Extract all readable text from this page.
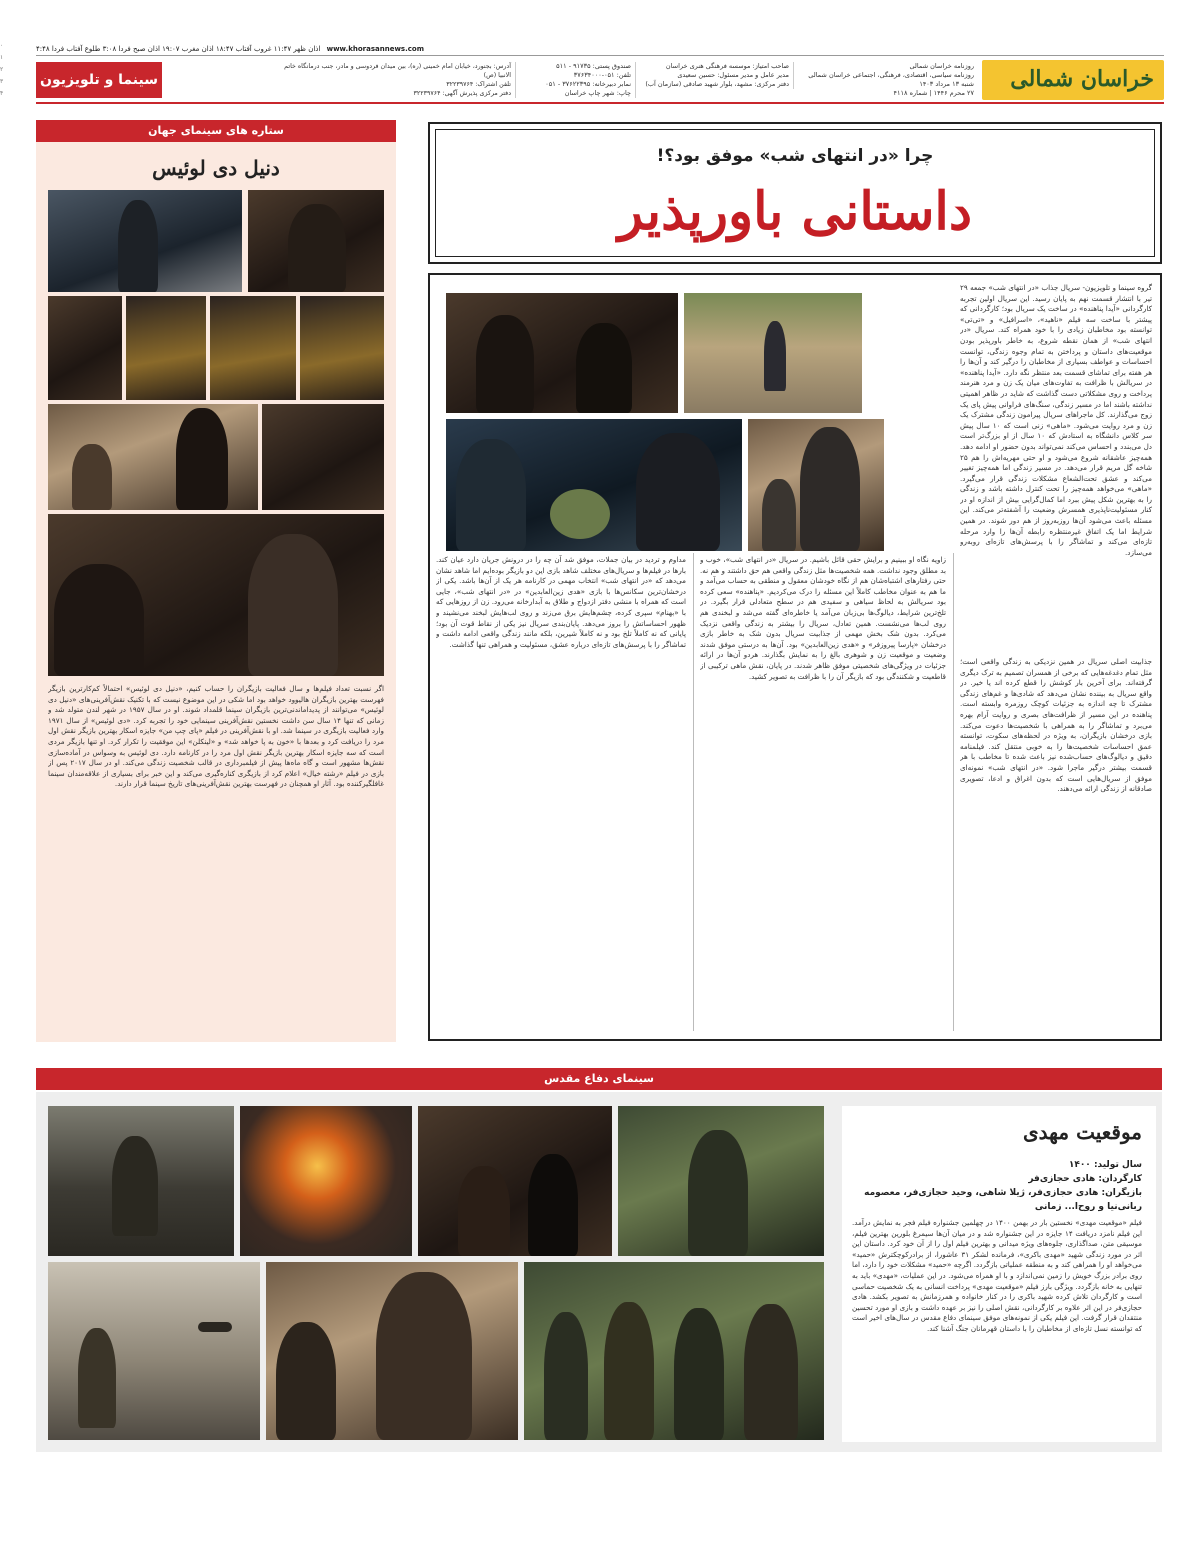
۰
۱
۲
۳
۴
www.khorasannews.com
اذان ظهر ۱۱:۴۷ غروب آفتاب ۱۸:۴۷ اذان مغرب ۱۹:۰۷ اذان صبح فردا ۳:۰۸ طلوع آفتاب فردا ۴:۴۸
خراسان شمالی
روزنامه خراسان شمالی
روزنامه سیاسی، اقتصادی، فرهنگی، اجتماعی خراسان شمالی
شنبه ۱۳ مرداد ۱۴۰۳
۲۷ محرم ۱۴۴۶ | شماره ۴۱۱۸
صاحب امتیاز: موسسه فرهنگی هنری خراسان
مدیر عامل و مدیر مسئول: حسین سعیدی
دفتر مرکزی: مشهد، بلوار شهید صادقی (سازمان آب)
صندوق پستی: ۹۱۷۳۵ - ۵۱۱
تلفن: ۰۵۱-۳۷۶۳۴۰۰۰
نمابر دبیرخانه: ۳۷۶۲۲۳۹۵ - ۰۵۱
چاپ: شهر چاپ خراسان
آدرس: بجنورد، خیابان امام خمینی (ره)، بین میدان فردوسی و مادر، جنب درمانگاه خاتم الانبیا (ص)
تلفن اشتراک: ۳۲۲۳۹۷۶۴
دفتر مرکزی پذیرش آگهی: ۳۲۲۳۹۷۶۴
سینما و تلویزیون
چرا «در انتهای شب» موفق بود؟!
داستانی باورپذیر
گروه سینما و تلویزیون- سریال جذاب «در انتهای شب» جمعه ۲۹ تیر با انتشار قسمت نهم به پایان رسید. این سریال اولین تجربه کارگردانی «آیدا پناهنده» در ساخت یک سریال بود؛ کارگردانی که پیشتر با ساخت سه فیلم «ناهید»، «اسرافیل» و «تی‌تی» توانسته بود مخاطبان زیادی را با خود همراه کند. سریال «در انتهای شب» از همان نقطه شروع، به خاطر باورپذیر بودن موقعیت‌های داستان و پرداختن به تمام وجوه زندگی، توانست احساسات و عواطف بسیاری از مخاطبان را درگیر کند و آن‌ها را هر هفته برای تماشای قسمت بعد منتظر نگه دارد. «آیدا پناهنده» در سریالش با ظرافت به تفاوت‌های میان یک زن و مرد هنرمند پرداخت و روی مشکلاتی دست گذاشت که شاید در ظاهر اهمیتی نداشته باشند اما در مسیر زندگی، سنگ‌های فراوانی پیش پای یک زوج می‌گذارند. کل ماجراهای سریال پیرامون زندگی مشترک یک زن و مرد روایت می‌شود. «ماهی» زنی است که ۱۰ سال پیش سر کلاس دانشگاه به استادش که ۱۰ سال از او بزرگ‌تر است دل می‌بندد و احساس می‌کند نمی‌تواند بدون حضور او ادامه دهد. همه‌چیز عاشقانه شروع می‌شود و او حتی مهریه‌اش را هم ۲۵ شاخه گل مریم قرار می‌دهد. در مسیر زندگی اما همه‌چیز تغییر می‌کند و عشق تحت‌الشعاع مشکلات زندگی قرار می‌گیرد. «ماهی» می‌خواهد همه‌چیز را تحت کنترل داشته باشد و زندگی را به بهترین شکل پیش ببرد اما کمال‌گرایی بیش از اندازه او در کنار مسئولیت‌ناپذیری همسرش وضعیت را آشفته‌تر می‌کند. این مسئله باعث می‌شود آن‌ها روزبه‌روز از هم دور شوند. در همین شرایط اما یک اتفاق غیرمنتظره رابطه آن‌ها را وارد مرحله تازه‌ای می‌کند و تماشاگر را با پرسش‌های تازه‌ای روبه‌رو می‌سازد.
جذابیت اصلی سریال در همین نزدیکی به زندگی واقعی است؛ مثل تمام دغدغه‌هایی که برخی از همسران تصمیم به ترک دیگری گرفته‌اند. برای آخرین بار کوشش را قطع کرده اند یا خیر. در واقع سریال به بیننده نشان می‌دهد که شادی‌ها و غم‌های زندگی مشترک تا چه اندازه به جزئیات کوچک روزمره وابسته است. پناهنده در این مسیر از ظرافت‌های بصری و روایت آرام بهره می‌برد و تماشاگر را به همراهی با شخصیت‌ها دعوت می‌کند. بازی درخشان بازیگران، به ویژه در لحظه‌های سکوت، توانسته عمق احساسات شخصیت‌ها را به خوبی منتقل کند. فیلمنامه دقیق و دیالوگ‌های حساب‌شده نیز باعث شده تا مخاطب با هر قسمت بیشتر درگیر ماجرا شود. «در انتهای شب» نمونه‌ای موفق از سریال‌هایی است که بدون اغراق و ادعا، تصویری صادقانه از زندگی ارائه می‌دهند.
زاویه نگاه او ببینیم و برایش حقی قائل باشیم. در سریال «در انتهای شب»، خوب و بد مطلق وجود نداشت. همه شخصیت‌ها مثل زندگی واقعی هم حق داشتند و هم نه. حتی رفتارهای اشتباه‌شان هم از نگاه خودشان معقول و منطقی به حساب می‌آمد و ما هم به عنوان مخاطب کاملاً این مسئله را درک می‌کردیم. «پناهنده» سعی کرده بود سریالش به لحاظ سیاهی و سفیدی هم در سطح متعادلی قرار بگیرد. در تلخ‌ترین شرایط، دیالوگ‌ها بی‌زبان می‌آمد یا خاطره‌ای گفته می‌شد و لبخندی هم روی لب‌ها می‌نشست. همین تعادل، سریال را بیشتر به زندگی واقعی نزدیک می‌کرد. بدون شک بخش مهمی از جذابیت سریال بدون شک به خاطر بازی درخشان «پارسا پیروزفر» و «هدی زین‌العابدین» بود. آن‌ها به درستی موفق شدند وضعیت و موقعیت زن و شوهری بالغ را به نمایش بگذارند. هردو آن‌ها در ارائه جزئیات در ویژگی‌های شخصیتی موفق ظاهر شدند. در پایان، نقش ماهی ترکیبی از قاطعیت و شکنندگی بود که بازیگر آن را با ظرافت به تصویر کشید.
مداوم و تردید در بیان جملات، موفق شد آن چه را در درونش جریان دارد عیان کند. بارها در فیلم‌ها و سریال‌های مختلف شاهد بازی این دو بازیگر بوده‌ایم اما شاهد نشان می‌دهد که «در انتهای شب» انتخاب مهمی در کارنامه هر یک از آن‌ها باشد. یکی از درخشان‌ترین سکانس‌ها با بازی «هدی زین‌العابدین» در «در انتهای شب»، جایی است که همراه با منشی دفتر ازدواج و طلاق به آبدارخانه می‌رود. زن از روزهایی که با «بهنام» سپری کرده، چشم‌هایش برق می‌زند و روی لب‌هایش لبخند می‌نشیند و ظهور احساساتش را بروز می‌دهد. پایان‌بندی سریال نیز یکی از نقاط قوت آن بود؛ پایانی که نه کاملاً تلخ بود و نه کاملاً شیرین، بلکه مانند زندگی واقعی ادامه داشت و تماشاگر را با پرسش‌های تازه‌ای درباره عشق، مسئولیت و همراهی تنها گذاشت.
ستاره های سینمای جهان
دنیل دی لوئیس
اگر نسبت تعداد فیلم‌ها و سال فعالیت بازیگران را حساب کنیم، «دنیل دی لوئیس» احتمالاً کم‌کارترین بازیگر فهرست بهترین بازیگران هالیوود خواهد بود اما شکی در این موضوع نیست که با تکنیک نقش‌آفرینی‌های «دنیل دی لوئیس» می‌توانند از پدیداماندنی‌ترین بازیگران سینما قلمداد شوند. او در سال ۱۹۵۷ در شهر لندن متولد شد و زمانی که تنها ۱۴ سال سن داشت نخستین نقش‌آفرینی سینمایی خود را تجربه کرد. «دی لوئیس» از سال ۱۹۷۱ وارد فعالیت بازیگری در سینما شد. او با نقش‌آفرینی در فیلم «پای چپ من» جایزه اسکار بهترین بازیگر نقش اول مرد را دریافت کرد و بعدها با «خون به پا خواهد شد» و «لینکلن» این موفقیت را تکرار کرد. او تنها بازیگر مردی است که سه جایزه اسکار بهترین بازیگر نقش اول مرد را در کارنامه دارد. دی لوئیس به وسواس در آماده‌سازی نقش‌ها مشهور است و گاه ماه‌ها پیش از فیلمبرداری در قالب شخصیت زندگی می‌کند. او در سال ۲۰۱۷ پس از بازی در فیلم «رشته خیال» اعلام کرد از بازیگری کناره‌گیری می‌کند و این خبر برای بسیاری از علاقه‌مندان سینما غافلگیرکننده بود. آثار او همچنان در فهرست بهترین نقش‌آفرینی‌های تاریخ سینما قرار دارند.
سینمای دفاع مقدس
موقعیت مهدی
سال تولید: ۱۴۰۰
کارگردان: هادی حجازی‌فر
بازیگران: هادی حجازی‌فر، ژیلا شاهی، وحید حجازی‌فر، معصومه ربانی‌نیا و روح‌ا... زمانی
فیلم «موقعیت مهدی» نخستین بار در بهمن ۱۴۰۰ در چهلمین جشنواره فیلم فجر به نمایش درآمد. این فیلم نامزد دریافت ۱۴ جایزه در این جشنواره شد و در میان آن‌ها سیمرغ بلورین بهترین فیلم، موسیقی متن، صداگذاری، جلوه‌های ویژه میدانی و بهترین فیلم اول را از آن خود کرد. داستان این اثر در مورد زندگی شهید «مهدی باکری»، فرمانده لشکر ۳۱ عاشورا، از برادرکوچکترش «حمید» می‌خواهد او را همراهی کند و به منطقه عملیاتی بازگردد. اگرچه «حمید» مشکلات خود را دارد، اما روی برادر بزرگ خویش را زمین نمی‌اندازد و با او همراه می‌شود. در این عملیات، «مهدی» باید به تنهایی به خانه بازگردد. ویژگی بارز فیلم «موقعیت مهدی» پرداخت انسانی به یک شخصیت حماسی است و کارگردان تلاش کرده شهید باکری را در کنار خانواده و همرزمانش به تصویر بکشد. هادی حجازی‌فر در این اثر علاوه بر کارگردانی، نقش اصلی را نیز بر عهده داشت و بازی او مورد تحسین منتقدان قرار گرفت. این فیلم یکی از نمونه‌های موفق سینمای دفاع مقدس در سال‌های اخیر است که توانسته نسل تازه‌ای از مخاطبان را با داستان قهرمانان جنگ آشنا کند.
